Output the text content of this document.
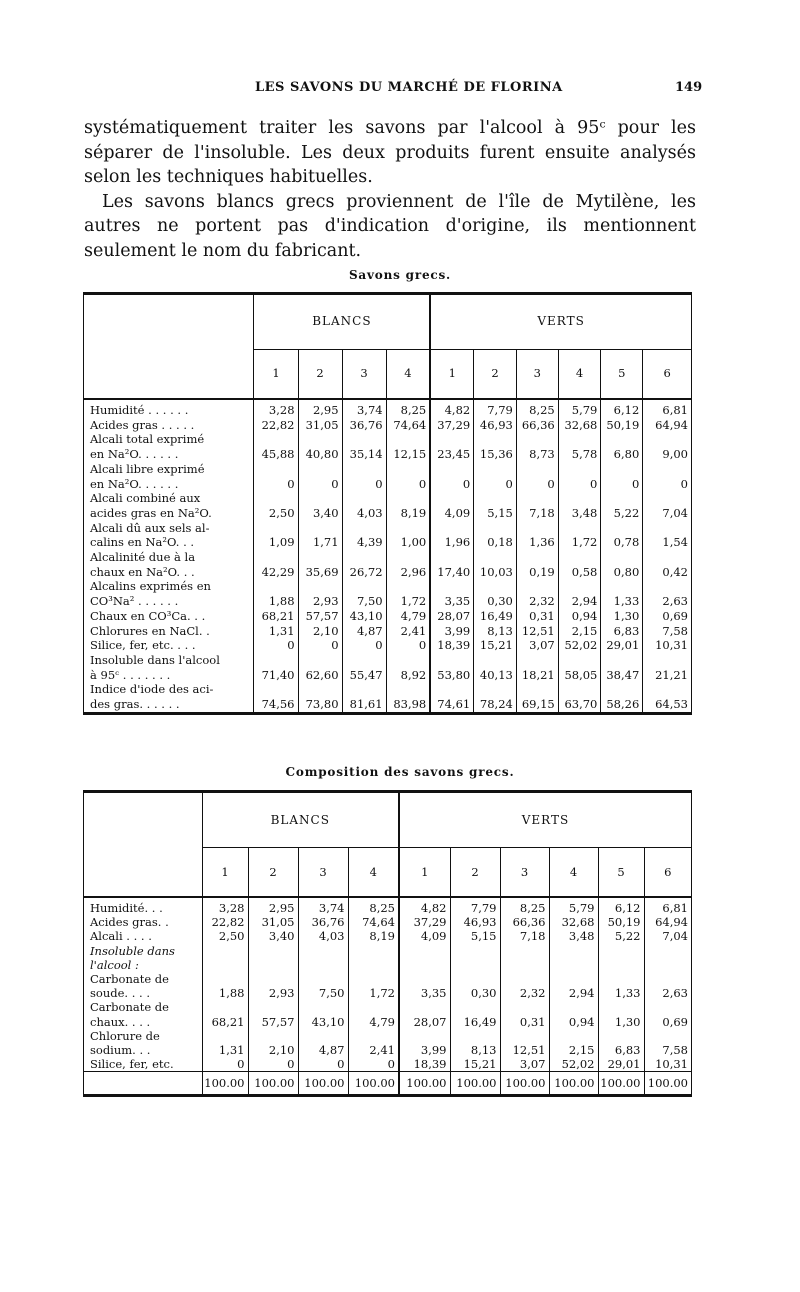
LES SAVONS DU MARCHÉ DE FLORINA	149

systématiquement traiter les savons par l'alcool à 95ᶜ pour les séparer de l'insoluble. Les deux produits furent ensuite analysés selon les techniques habituelles.

Les savons blancs grecs proviennent de l'île de Mytilène, les autres ne portent pas d'indication d'origine, ils mentionnent seulement le nom du fabricant.

Savons grecs.
	BLANCS				VERTS					
	1	2	3	4	1	2	3	4	5	6

Humidité . . . . . .	3,28	2,95	3,74	8,25	4,82	7,79	8,25	5,79	6,12	6,81

Acides gras . . . . .	22,82	31,05	36,76	74,64	37,29	46,93	66,36	32,68	50,19	64,94

Alcali total exprimé
en Na²O. . . . . .	45,88	40,80	35,14	12,15	23,45	15,36	8,73	5,78	6,80	9,00

Alcali libre exprimé
en Na²O. . . . . .	0	0	0	0	0	0	0	0	0	0

Alcali combiné aux
acides gras en Na²O.	2,50	3,40	4,03	8,19	4,09	5,15	7,18	3,48	5,22	7,04

Alcali dû aux sels al-
calins en Na²O. . .	1,09	1,71	4,39	1,00	1,96	0,18	1,36	1,72	0,78	1,54

Alcalinité due à la
chaux en Na²O. . .	42,29	35,69	26,72	2,96	17,40	10,03	0,19	0,58	0,80	0,42

Alcalins exprimés en
CO³Na² . . . . . .	1,88	2,93	7,50	1,72	3,35	0,30	2,32	2,94	1,33	2,63

Chaux en CO³Ca. . .	68,21	57,57	43,10	4,79	28,07	16,49	0,31	0,94	1,30	0,69

Chlorures en NaCl. .	1,31	2,10	4,87	2,41	3,99	8,13	12,51	2,15	6,83	7,58

Silice, fer, etc. . . .	0	0	0	0	18,39	15,21	3,07	52,02	29,01	10,31

Insoluble dans l'alcool
à 95ᶜ . . . . . . .	71,40	62,60	55,47	8,92	53,80	40,13	18,21	58,05	38,47	21,21

Indice d'iode des aci-
des gras. . . . . .	74,56	73,80	81,61	83,98	74,61	78,24	69,15	63,70	58,26	64,53
Composition des savons grecs.
	BLANCS				VERTS					
	1	2	3	4	1	2	3	4	5	6

Humidité. . .	3,28	2,95	3,74	8,25	4,82	7,79	8,25	5,79	6,12	6,81

Acides gras. .	22,82	31,05	36,76	74,64	37,29	46,93	66,36	32,68	50,19	64,94

Alcali . . . .	2,50	3,40	4,03	8,19	4,09	5,15	7,18	3,48	5,22	7,04

Insoluble dans
l'alcool :										

Carbonate de
soude. . . .	1,88	2,93	7,50	1,72	3,35	0,30	2,32	2,94	1,33	2,63

Carbonate de
chaux. . . .	68,21	57,57	43,10	4,79	28,07	16,49	0,31	0,94	1,30	0,69

Chlorure de
sodium. . .	1,31	2,10	4,87	2,41	3,99	8,13	12,51	2,15	6,83	7,58

Silice, fer, etc.	0	0	0	0	18,39	15,21	3,07	52,02	29,01	10,31
	100.00	100.00	100.00	100.00	100.00	100.00	100.00	100.00	100.00	100.00
